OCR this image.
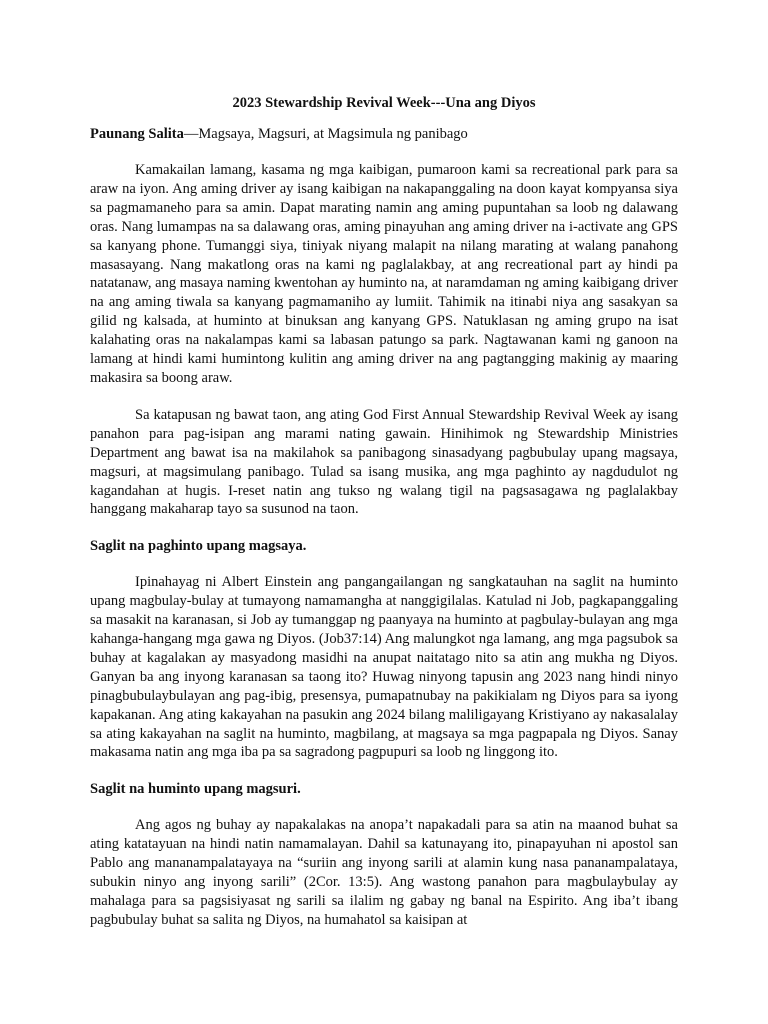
2023 Stewardship Revival Week---Una ang Diyos
Paunang Salita—Magsaya, Magsuri, at Magsimula ng panibago

Kamakailan lamang, kasama ng mga kaibigan, pumaroon kami sa recreational park para sa araw na iyon. Ang aming driver ay isang kaibigan na nakapanggaling na doon kayat kompyansa siya sa pagmamaneho para sa amin. Dapat marating namin ang aming pupuntahan sa loob ng dalawang oras. Nang lumampas na sa dalawang oras, aming pinayuhan ang aming driver na i-activate ang GPS sa kanyang phone. Tumanggi siya, tiniyak niyang malapit na nilang marating at walang panahong masasayang. Nang makatlong oras na kami ng paglalakbay, at ang recreational part ay hindi pa natatanaw, ang masaya naming kwentohan ay huminto na, at naramdaman ng aming kaibigang driver na ang aming tiwala sa kanyang pagmamaniho ay lumiit. Tahimik na itinabi niya ang sasakyan sa gilid ng kalsada, at huminto at binuksan ang kanyang GPS. Natuklasan ng aming grupo na isat kalahating oras na nakalampas kami sa labasan patungo sa park. Nagtawanan kami ng ganoon na lamang at hindi kami humintong kulitin ang aming driver na ang pagtangging makinig ay maaring makasira sa boong araw.

Sa katapusan ng bawat taon, ang ating God First Annual Stewardship Revival Week ay isang panahon para pag-isipan ang marami nating gawain. Hinihimok ng Stewardship Ministries Department ang bawat isa na makilahok sa panibagong sinasadyang pagbubulay upang magsaya, magsuri, at magsimulang panibago. Tulad sa isang musika, ang mga paghinto ay nagdudulot ng kagandahan at hugis. I-reset natin ang tukso ng walang tigil na pagsasagawa ng paglalakbay hanggang makaharap tayo sa susunod na taon.

Saglit na paghinto upang magsaya.

Ipinahayag ni Albert Einstein ang pangangailangan ng sangkatauhan na saglit na huminto upang magbulay-bulay at tumayong namamangha at nanggigilalas. Katulad ni Job, pagkapanggaling sa masakit na karanasan, si Job ay tumanggap ng paanyaya na huminto at pagbulay-bulayan ang mga kahanga-hangang mga gawa ng Diyos. (Job37:14) Ang malungkot nga lamang, ang mga pagsubok sa buhay at kagalakan ay masyadong masidhi na anupat naitatago nito sa atin ang mukha ng Diyos. Ganyan ba ang inyong karanasan sa taong ito? Huwag ninyong tapusin ang 2023 nang hindi ninyo pinagbubulaybulayan ang pag-ibig, presensya, pumapatnubay na pakikialam ng Diyos para sa iyong kapakanan. Ang ating kakayahan na pasukin ang 2024 bilang maliligayang Kristiyano ay nakasalalay sa ating kakayahan na saglit na huminto, magbilang, at magsaya sa mga pagpapala ng Diyos. Sanay makasama natin ang mga iba pa sa sagradong pagpupuri sa loob ng linggong ito.

Saglit na huminto upang magsuri.

Ang agos ng buhay ay napakalakas na anopa’t napakadali para sa atin na maanod buhat sa ating katatayuan na hindi natin namamalayan. Dahil sa katunayang ito, pinapayuhan ni apostol san Pablo ang mananampalatayaya na “suriin ang inyong sarili at alamin kung nasa pananampalataya, subukin ninyo ang inyong sarili” (2Cor. 13:5). Ang wastong panahon para magbulaybulay ay mahalaga para sa pagsisiyasat ng sarili sa ilalim ng gabay ng banal na Espirito. Ang iba’t ibang pagbubulay buhat sa salita ng Diyos, na humahatol sa kaisipan at
